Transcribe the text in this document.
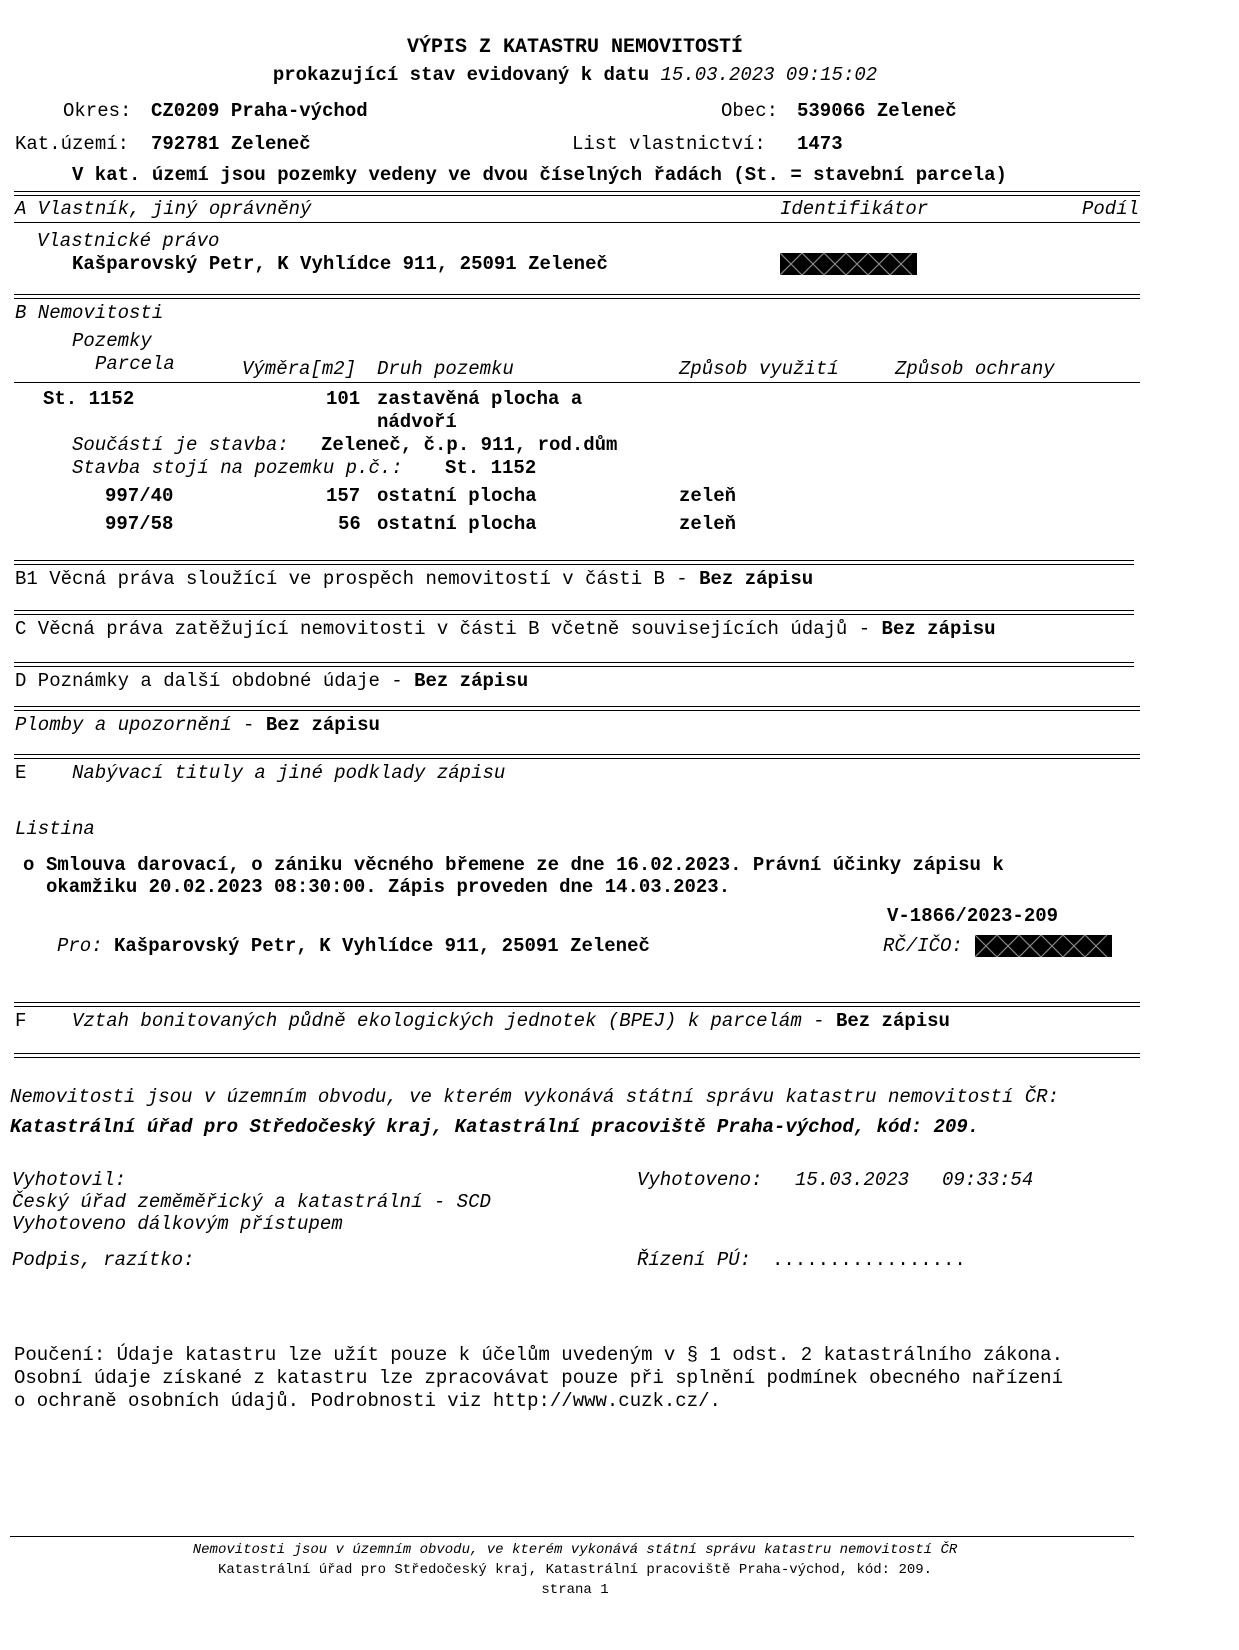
VÝPIS Z KATASTRU NEMOVITOSTÍ
prokazující stav evidovaný k datu 15.03.2023 09:15:02
Okres: CZ0209 Praha-východ	Obec: 539066 Zeleneč
Kat.území: 792781 Zeleneč	List vlastnictví: 1473
V kat. území jsou pozemky vedeny ve dvou číselných řadách (St. = stavební parcela)
A Vlastník, jiný oprávněný	Identifikátor	Podíl
Vlastnické právo
Kašparovský Petr, K Vyhlídce 911, 25091 Zeleneč
B Nemovitosti
Pozemky
Parcela	Výměra[m2] Druh pozemku	Způsob využití	Způsob ochrany
St. 1152	101 zastavěná plocha a
nádvoří
Součástí je stavba: Zeleneč, č.p. 911, rod.dům
Stavba stojí na pozemku p.č.: St. 1152
997/40	157 ostatní plocha	zeleň
997/58	56 ostatní plocha	zeleň
B1 Věcná práva sloužící ve prospěch nemovitostí v části B - Bez zápisu
C Věcná práva zatěžující nemovitosti v části B včetně souvisejících údajů - Bez zápisu
D Poznámky a další obdobné údaje - Bez zápisu
Plomby a upozornění - Bez zápisu
E Nabývací tituly a jiné podklady zápisu
Listina
o Smlouva darovací, o zániku věcného břemene ze dne 16.02.2023. Právní účinky zápisu k
okamžiku 20.02.2023 08:30:00. Zápis proveden dne 14.03.2023.
V-1866/2023-209
Pro: Kašparovský Petr, K Vyhlídce 911, 25091 Zeleneč	RČ/IČO:
F Vztah bonitovaných půdně ekologických jednotek (BPEJ) k parcelám - Bez zápisu
Nemovitosti jsou v územním obvodu, ve kterém vykonává státní správu katastru nemovitostí ČR:
Katastrální úřad pro Středočeský kraj, Katastrální pracoviště Praha-východ, kód: 209.
Vyhotovil:
Český úřad zeměměřický a katastrální - SCD
Vyhotoveno dálkovým přístupem
Vyhotoveno: 15.03.2023 09:33:54
Podpis, razítko:	Řízení PÚ: .................
Poučení: Údaje katastru lze užít pouze k účelům uvedeným v § 1 odst. 2 katastrálního zákona.
Osobní údaje získané z katastru lze zpracovávat pouze při splnění podmínek obecného nařízení
o ochraně osobních údajů. Podrobnosti viz http://www.cuzk.cz/.
Nemovitosti jsou v územním obvodu, ve kterém vykonává státní správu katastru nemovitostí ČR
Katastrální úřad pro Středočeský kraj, Katastrální pracoviště Praha-východ, kód: 209.
strana 1
